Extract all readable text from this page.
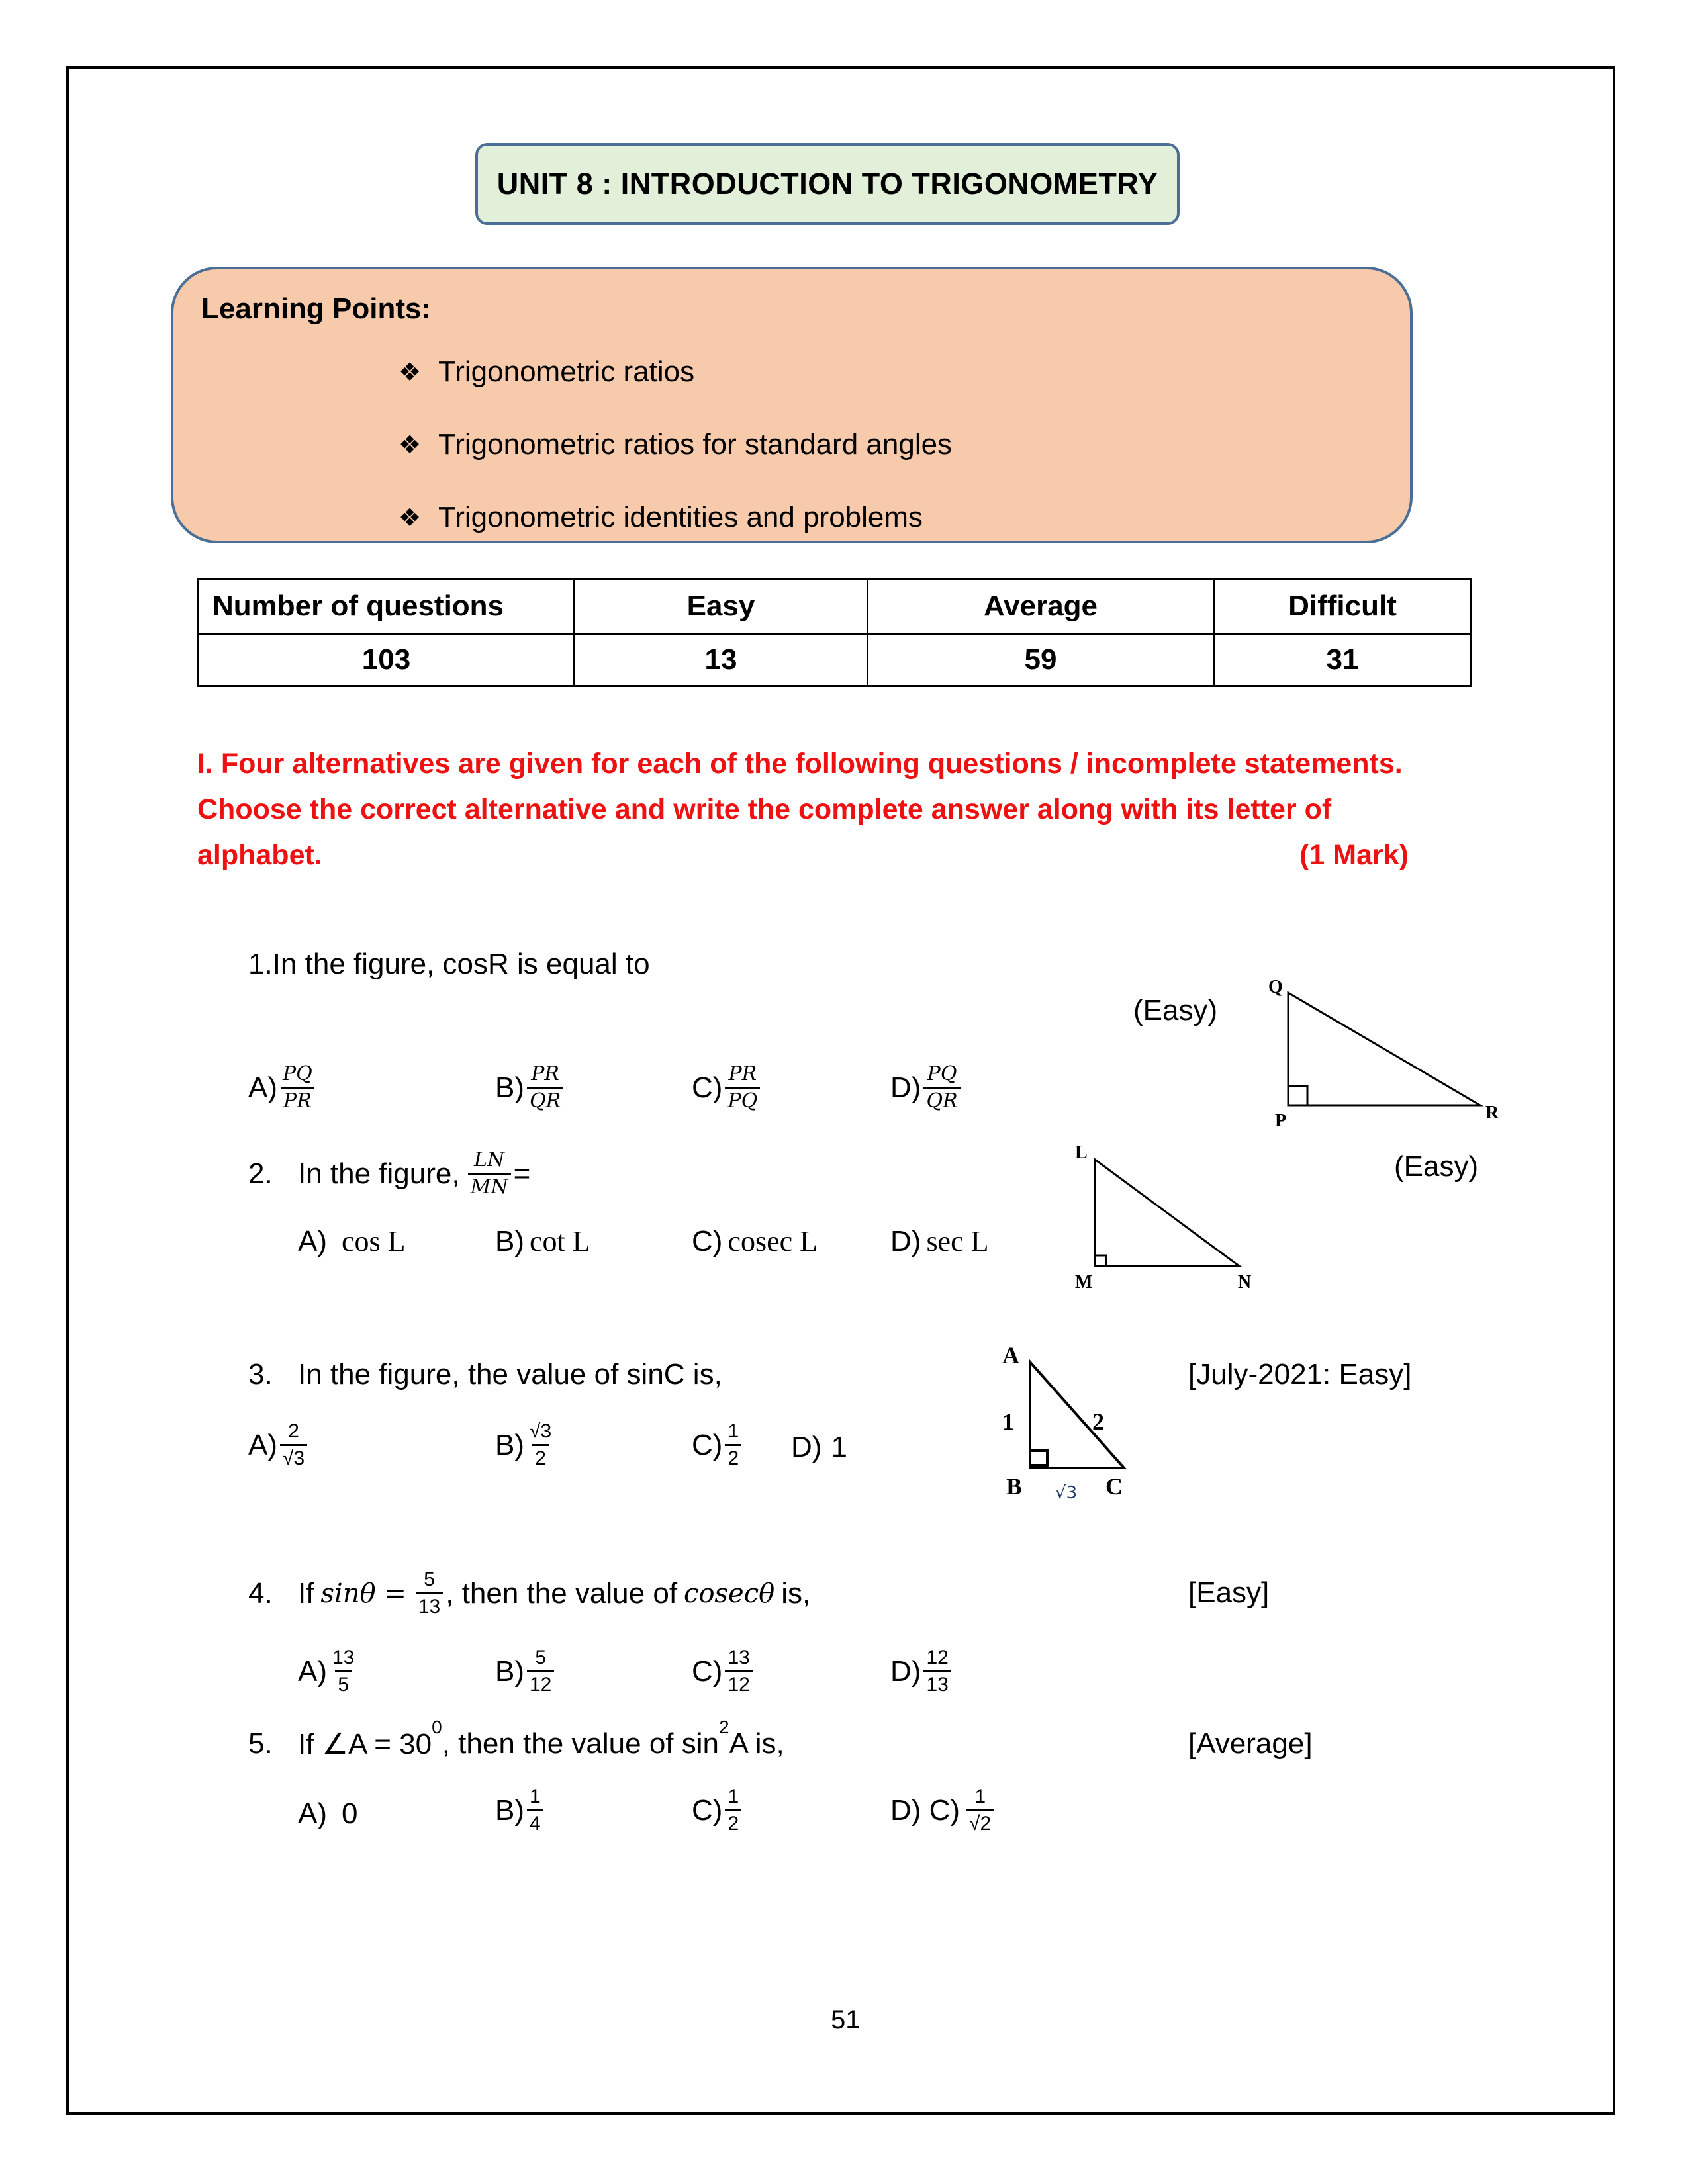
UNIT 8 : INTRODUCTION TO TRIGONOMETRY
Learning Points:
❖ Trigonometric ratios
❖ Trigonometric ratios for standard angles
❖ Trigonometric identities and problems
Number of questions	Easy	Average	Difficult
103	13	59	31
I. Four alternatives are given for each of the following questions / incomplete statements.
Choose the correct alternative and write the complete answer along with its letter of
alphabet.	(1 Mark)
1.In the figure, cosR is equal to
(Easy)
$A) \frac{PQ}{PR}$	$B) \frac{PR}{QR}$	$C) \frac{PR}{PQ}$	$D) \frac{PQ}{QR}$
Q
P	R
2. In the figure, $\frac{LN}{MN}$ =	(Easy)
A) cos L	B) cot L	C) cosec L D) sec L
L
M	N
3. In the figure, the value of sinC is,	[July-2021: Easy]
$A) \frac{2}{√3}$	$B) \frac{√3}{2}$	$C) \frac{1}{2} D$) 1
A
B	C
1	2
√3
4. If $\sin\theta = \frac{5}{13}$ , then the value of cosecθ is,	[Easy]
$A) \frac{13}{5}$	$B) \frac{5}{12}$	$C) \frac{13}{12}$	$D) \frac{12}{13}$
5. If ∠A = 30
0
, then the value of sin
2
A is,	[Average]
A) 0	$B) \frac{1}{4}$	$C) \frac{1}{2}$	D) $C) \frac{1}{√2}$
51
